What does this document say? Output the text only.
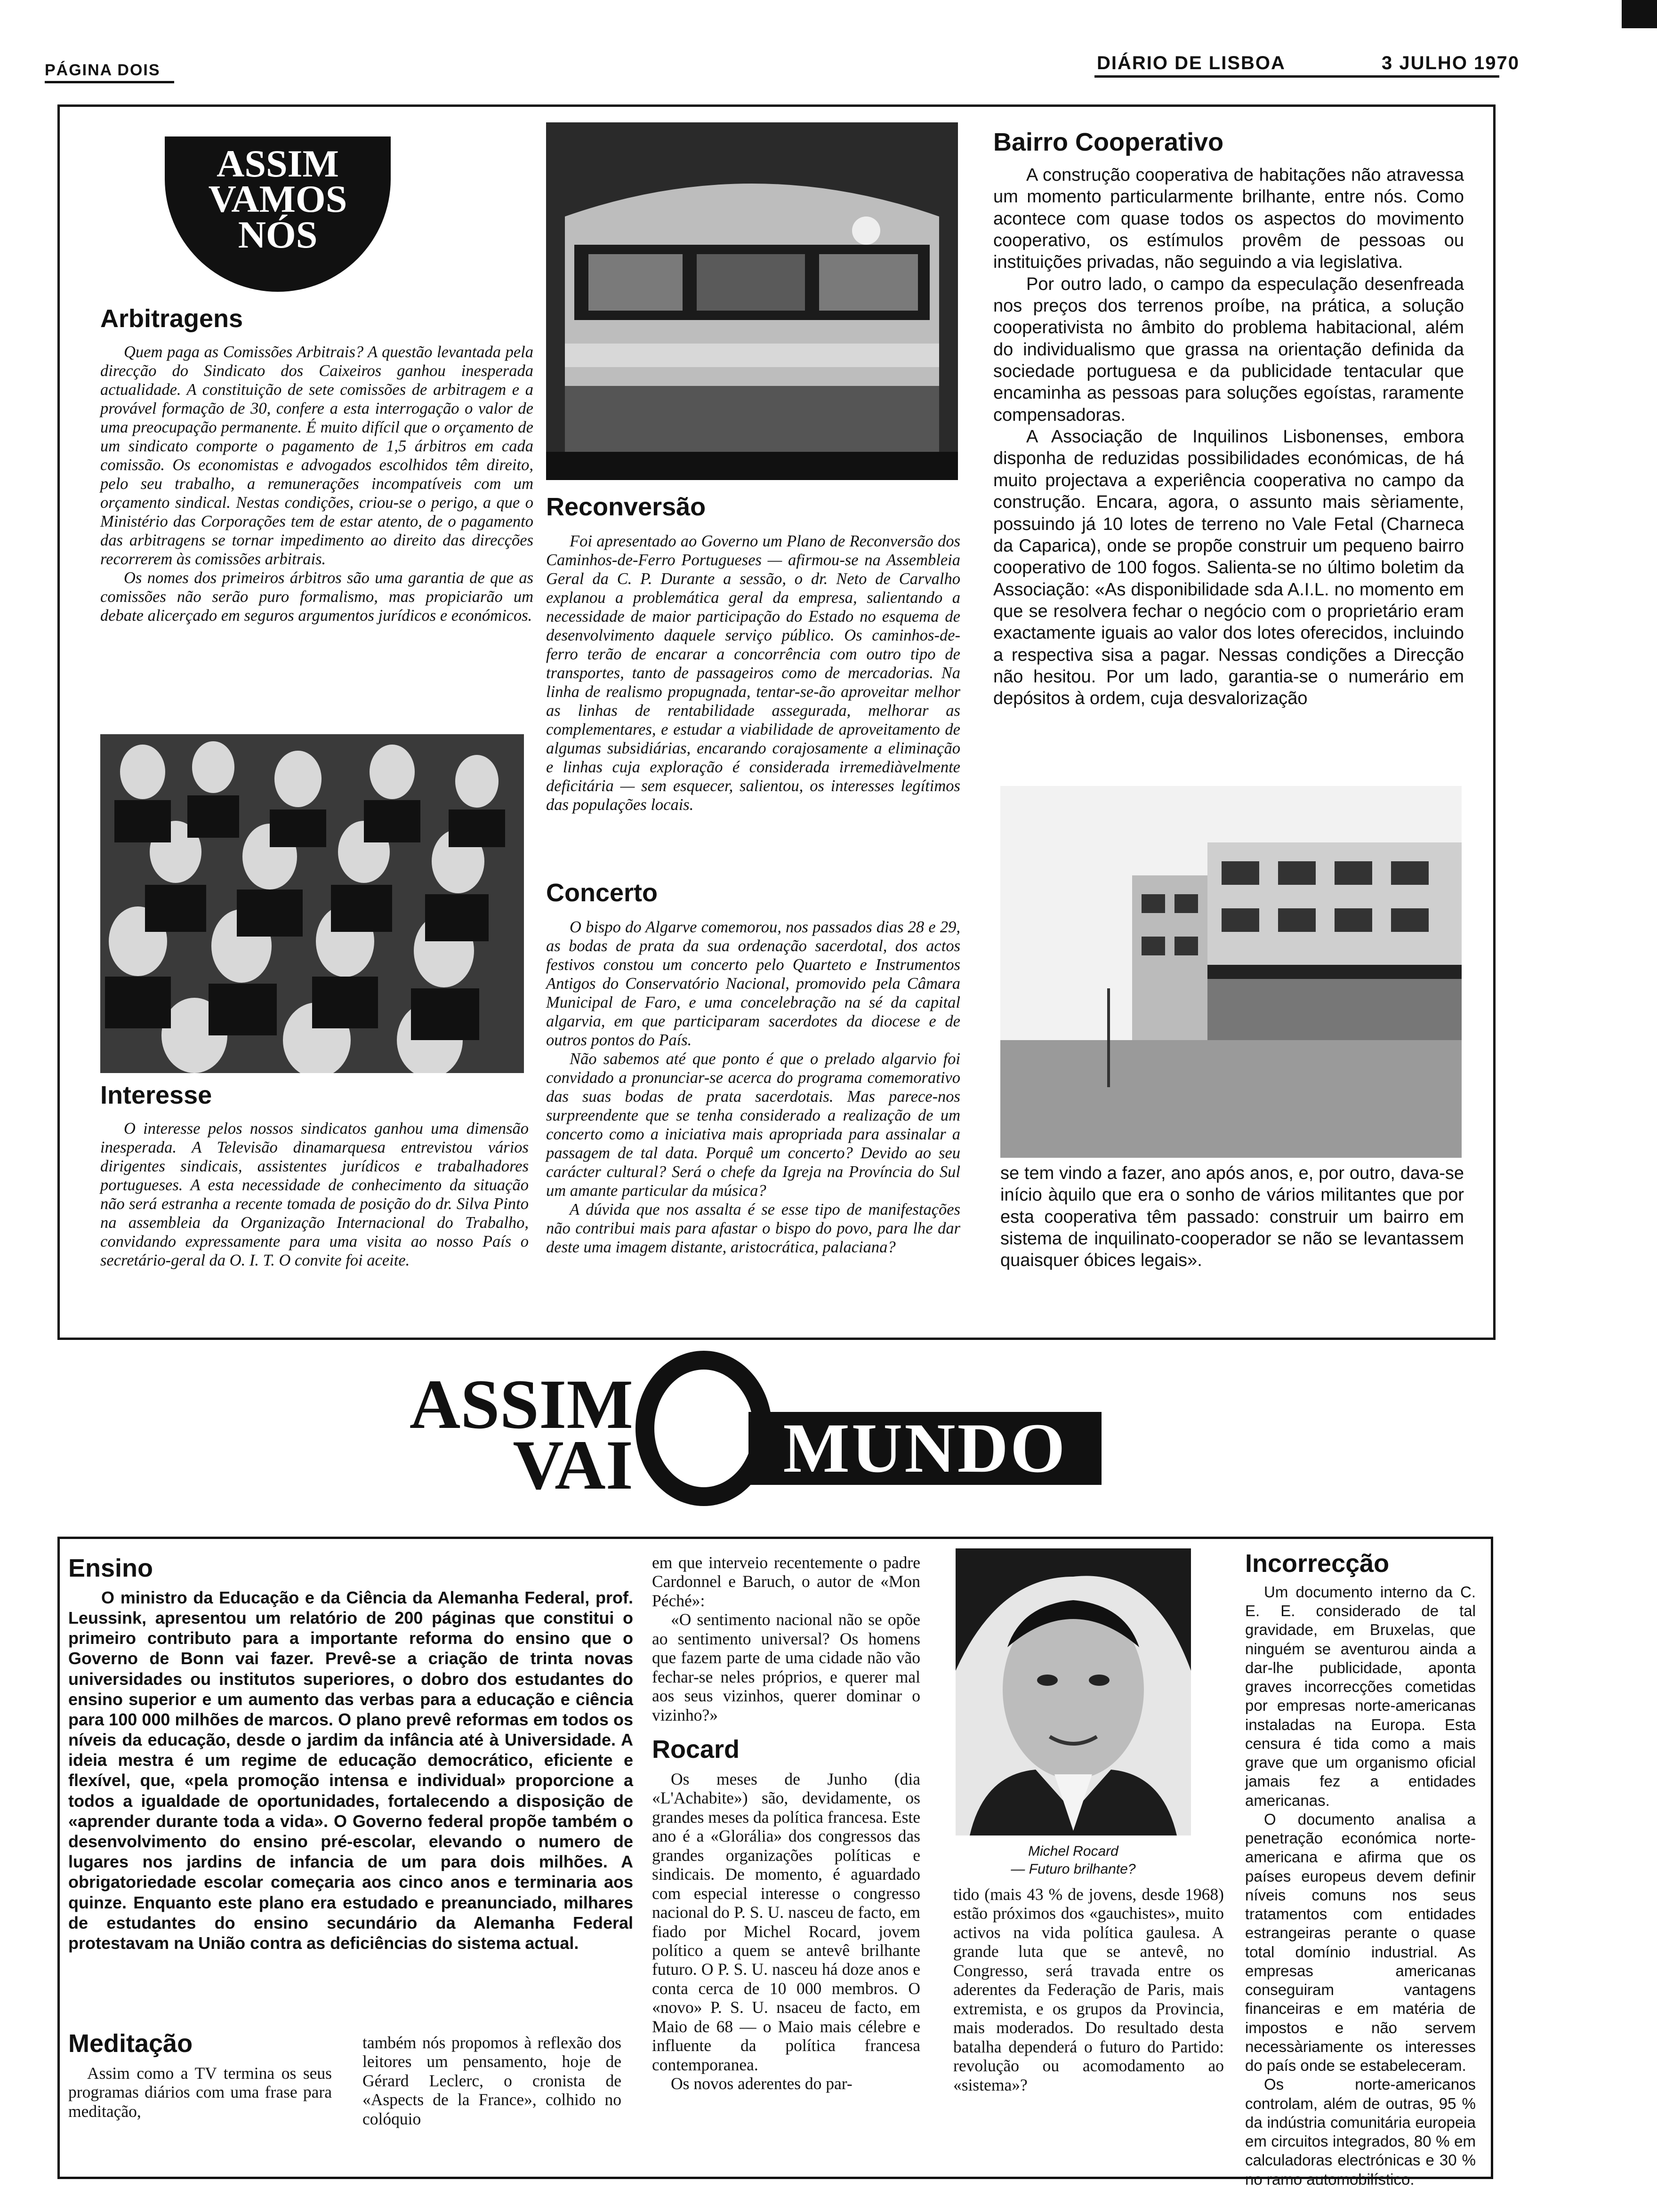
PÁGINA DOIS	DIÁRIO DE LISBOA	3 JULHO 1970
ASSIM
VAMOS
NÓS
Arbitragens

Quem paga as Comissões Arbitrais? A questão levantada pela direcção do Sindicato dos Caixeiros ganhou inesperada actualidade. A constituição de sete comissões de arbitragem e a provável formação de 30, confere a esta interrogação o valor de uma preocupação permanente. É muito difícil que o orçamento de um sindicato comporte o pagamento de 1,5 árbitros em cada comissão. Os economistas e advogados escolhidos têm direito, pelo seu trabalho, a remunerações incompatíveis com um orçamento sindical. Nestas condições, criou-se o perigo, a que o Ministério das Corporações tem de estar atento, de o pagamento das arbitragens se tornar impedimento ao direito das direcções recorrerem às comissões arbitrais.

Os nomes dos primeiros árbitros são uma garantia de que as comissões não serão puro formalismo, mas propiciarão um debate alicerçado em seguros argumentos jurídicos e económicos.

Interesse

O interesse pelos nossos sindicatos ganhou uma dimensão inesperada. A Televisão dinamarquesa entrevistou vários dirigentes sindicais, assistentes jurídicos e trabalhadores portugueses. A esta necessidade de conhecimento da situação não será estranha a recente tomada de posição do dr. Silva Pinto na assembleia da Organização Internacional do Trabalho, convidando expressamente para uma visita ao nosso País o secretário-geral da O. I. T. O convite foi aceite.

Reconversão

Foi apresentado ao Governo um Plano de Reconversão dos Caminhos-de-Ferro Portugueses — afirmou-se na Assembleia Geral da C. P. Durante a sessão, o dr. Neto de Carvalho explanou a problemática geral da empresa, salientando a necessidade de maior participação do Estado no esquema de desenvolvimento daquele serviço público. Os caminhos-de-ferro terão de encarar a concorrência com outro tipo de transportes, tanto de passageiros como de mercadorias. Na linha de realismo propugnada, tentar-se-ão aproveitar melhor as linhas de rentabilidade assegurada, melhorar as complementares, e estudar a viabilidade de aproveitamento de algumas subsidiárias, encarando corajosamente a eliminação e linhas cuja exploração é considerada irremediàvelmente deficitária — sem esquecer, salientou, os interesses legítimos das populações locais.

Concerto

O bispo do Algarve comemorou, nos passados dias 28 e 29, as bodas de prata da sua ordenação sacerdotal, dos actos festivos constou um concerto pelo Quarteto e Instrumentos Antigos do Conservatório Nacional, promovido pela Câmara Municipal de Faro, e uma concelebração na sé da capital algarvia, em que participaram sacerdotes da diocese e de outros pontos do País.

Não sabemos até que ponto é que o prelado algarvio foi convidado a pronunciar-se acerca do programa comemorativo das suas bodas de prata sacerdotais. Mas parece-nos surpreendente que se tenha considerado a realização de um concerto como a iniciativa mais apropriada para assinalar a passagem de tal data. Porquê um concerto? Devido ao seu carácter cultural? Será o chefe da Igreja na Província do Sul um amante particular da música?

A dúvida que nos assalta é se esse tipo de manifestações não contribui mais para afastar o bispo do povo, para lhe dar deste uma imagem distante, aristocrática, palaciana?

Bairro Cooperativo

A construção cooperativa de habitações não atravessa um momento particularmente brilhante, entre nós. Como acontece com quase todos os aspectos do movimento cooperativo, os estímulos provêm de pessoas ou instituições privadas, não seguindo a via legislativa.

Por outro lado, o campo da especulação desenfreada nos preços dos terrenos proíbe, na prática, a solução cooperativista no âmbito do problema habitacional, além do individualismo que grassa na orientação definida da sociedade portuguesa e da publicidade tentacular que encaminha as pessoas para soluções egoístas, raramente compensadoras.

A Associação de Inquilinos Lisbonenses, embora disponha de reduzidas possibilidades económicas, de há muito projectava a experiência cooperativa no campo da construção. Encara, agora, o assunto mais sèriamente, possuindo já 10 lotes de terreno no Vale Fetal (Charneca da Caparica), onde se propõe construir um pequeno bairro cooperativo de 100 fogos. Salienta-se no último boletim da Associação: «As disponibilidade sda A.I.L. no momento em que se resolvera fechar o negócio com o proprietário eram exactamente iguais ao valor dos lotes oferecidos, incluindo a respectiva sisa a pagar. Nessas condições a Direcção não hesitou. Por um lado, garantia-se o numerário em depósitos à ordem, cuja desvalorização

se tem vindo a fazer, ano após anos, e, por outro, dava-se início àquilo que era o sonho de vários militantes que por esta cooperativa têm passado: construir um bairro em sistema de inquilinato-cooperador se não se levantassem quaisquer óbices legais».

ASSIM
VAI	MUNDO
Ensino

O ministro da Educação e da Ciência da Alemanha Federal, prof. Leussink, apresentou um relatório de 200 páginas que constitui o primeiro contributo para a importante reforma do ensino que o Governo de Bonn vai fazer. Prevê-se a criação de trinta novas universidades ou institutos superiores, o dobro dos estudantes do ensino superior e um aumento das verbas para a educação e ciência para 100 000 milhões de marcos. O plano prevê reformas em todos os níveis da educação, desde o jardim da infância até à Universidade. A ideia mestra é um regime de educação democrático, eficiente e flexível, que, «pela promoção intensa e individual» proporcione a todos a igualdade de oportunidades, fortalecendo a disposição de «aprender durante toda a vida». O Governo federal propõe também o desenvolvimento do ensino pré-escolar, elevando o numero de lugares nos jardins de infancia de um para dois milhões. A obrigatoriedade escolar começaria aos cinco anos e terminaria aos quinze. Enquanto este plano era estudado e preanunciado, milhares de estudantes do ensino secundário da Alemanha Federal protestavam na União contra as deficiências do sistema actual.

Meditação

Assim como a TV termina os seus programas diários com uma frase para meditação,

também nós propomos à reflexão dos leitores um pensamento, hoje de Gérard Leclerc, o cronista de «Aspects de la France», colhido no colóquio

em que interveio recentemente o padre Cardonnel e Baruch, o autor de «Mon Péché»:

«O sentimento nacional não se opõe ao sentimento universal? Os homens que fazem parte de uma cidade não vão fechar-se neles próprios, e querer mal aos seus vizinhos, querer dominar o vizinho?»

Rocard

Os meses de Junho (dia «L'Achabite») são, devidamente, os grandes meses da política francesa. Este ano é a «Glorália» dos congressos das grandes organizações políticas e sindicais. De momento, é aguardado com especial interesse o congresso nacional do P. S. U. nasceu de facto, em fiado por Michel Rocard, jovem político a quem se antevê brilhante futuro. O P. S. U. nasceu há doze anos e conta cerca de 10 000 membros. O «novo» P. S. U. nsaceu de facto, em Maio de 68 — o Maio mais célebre e influente da política francesa contemporanea.

Os novos aderentes do par-

Michel Rocard
— Futuro brilhante?

tido (mais 43 % de jovens, desde 1968) estão próximos dos «gauchistes», muito activos na vida política gaulesa. A grande luta que se antevê, no Congresso, será travada entre os aderentes da Federação de Paris, mais extremista, e os grupos da Provincia, mais moderados. Do resultado desta batalha dependerá o futuro do Partido: revolução ou acomodamento ao «sistema»?

Incorrecção

Um documento interno da C. E. E. considerado de tal gravidade, em Bruxelas, que ninguém se aventurou ainda a dar-lhe publicidade, aponta graves incorrecções cometidas por empresas norte-americanas instaladas na Europa. Esta censura é tida como a mais grave que um organismo oficial jamais fez a entidades americanas.

O documento analisa a penetração económica norte-americana e afirma que os países europeus devem definir níveis comuns nos seus tratamentos com entidades estrangeiras perante o quase total domínio industrial. As empresas americanas conseguiram vantagens financeiras e em matéria de impostos e não servem necessàriamente os interesses do país onde se estabeleceram.

Os norte-americanos controlam, além de outras, 95 % da indústria comunitária europeia em circuitos integrados, 80 % em calculadoras electrónicas e 30 % no ramo automobilístico.
